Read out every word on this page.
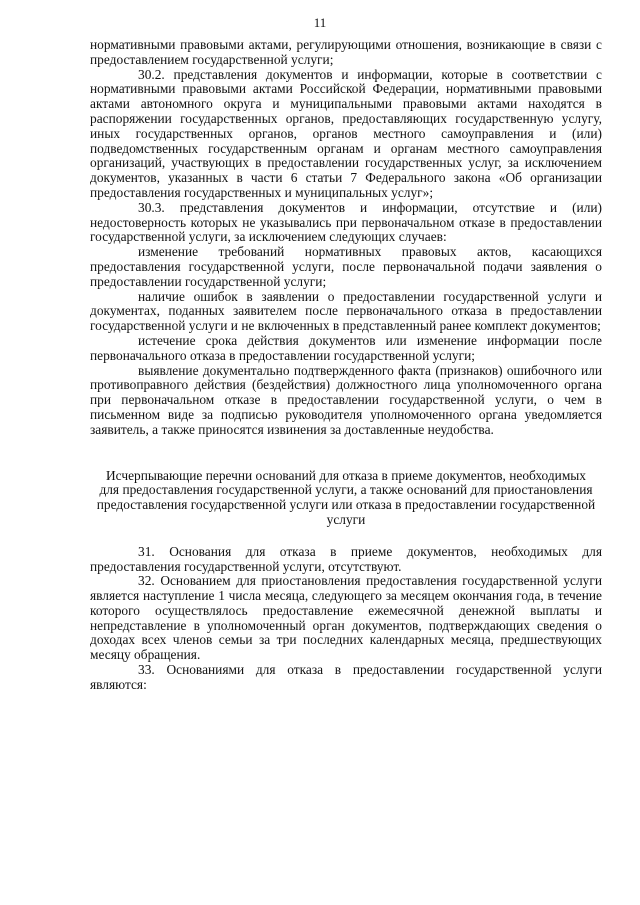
11

нормативными правовыми актами, регулирующими отношения, возникающие в связи с предоставлением государственной услуги;

30.2. представления документов и информации, которые в соответствии с нормативными правовыми актами Российской Федерации, нормативными правовыми актами автономного округа и муниципальными правовыми актами находятся в распоряжении государственных органов, предоставляющих государственную услугу, иных государственных органов, органов местного самоуправления и (или) подведомственных государственным органам и органам местного самоуправления организаций, участвующих в предоставлении государственных услуг, за исключением документов, указанных в части 6 статьи 7 Федерального закона «Об организации предоставления государственных и муниципальных услуг»;

30.3. представления документов и информации, отсутствие и (или) недостоверность которых не указывались при первоначальном отказе в предоставлении государственной услуги, за исключением следующих случаев:

изменение требований нормативных правовых актов, касающихся предоставления государственной услуги, после первоначальной подачи заявления о предоставлении государственной услуги;

наличие ошибок в заявлении о предоставлении государственной услуги и документах, поданных заявителем после первоначального отказа в предоставлении государственной услуги и не включенных в представленный ранее комплект документов;

истечение срока действия документов или изменение информации после первоначального отказа в предоставлении государственной услуги;

выявление документально подтвержденного факта (признаков) ошибочного или противоправного действия (бездействия) должностного лица уполномоченного органа при первоначальном отказе в предоставлении государственной услуги, о чем в письменном виде за подписью руководителя уполномоченного органа уведомляется заявитель, а также приносятся извинения за доставленные неудобства.

Исчерпывающие перечни оснований для отказа в приеме документов, необходимых для предоставления государственной услуги, а также оснований для приостановления предоставления государственной услуги или отказа в предоставлении государственной услуги

31. Основания для отказа в приеме документов, необходимых для предоставления государственной услуги, отсутствуют.

32. Основанием для приостановления предоставления государственной услуги является наступление 1 числа месяца, следующего за месяцем окончания года, в течение которого осуществлялось предоставление ежемесячной денежной выплаты и непредставление в уполномоченный орган документов, подтверждающих сведения о доходах всех членов семьи за три последних календарных месяца, предшествующих месяцу обращения.

33. Основаниями для отказа в предоставлении государственной услуги являются:
